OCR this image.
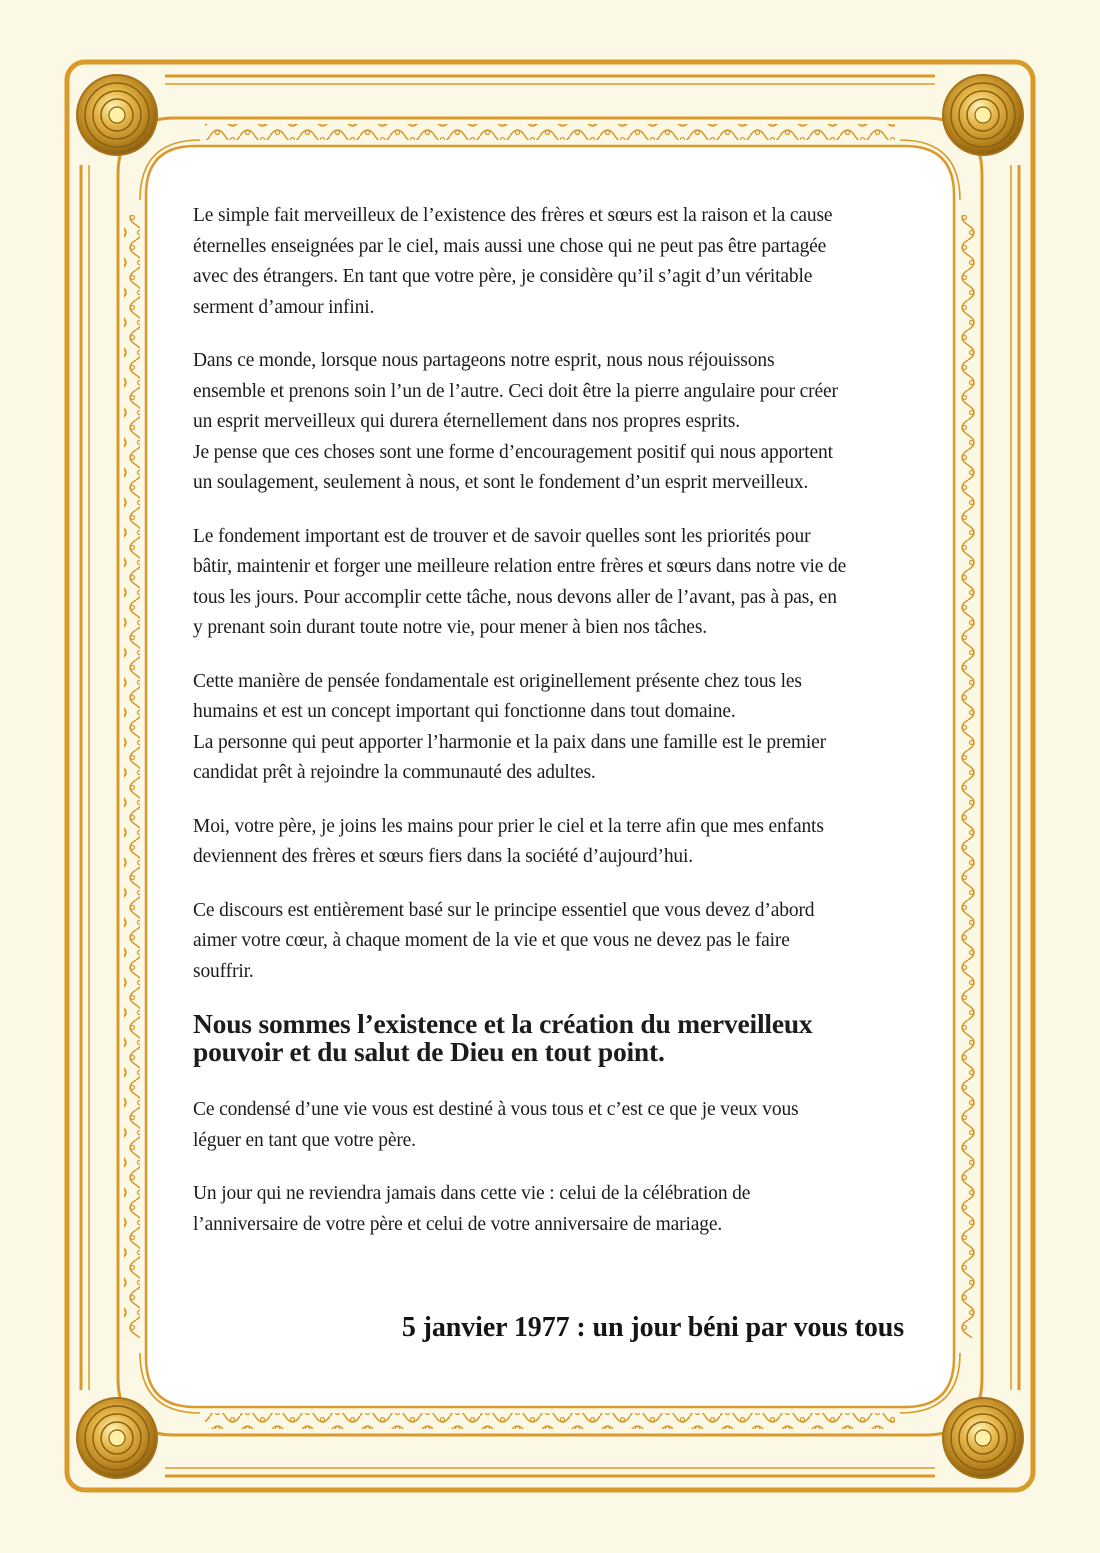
Le simple fait merveilleux de l’existence des frères et sœurs est la raison et la cause
éternelles enseignées par le ciel, mais aussi une chose qui ne peut pas être partagée
avec des étrangers. En tant que votre père, je considère qu’il s’agit d’un véritable
serment d’amour infini.

Dans ce monde, lorsque nous partageons notre esprit, nous nous réjouissons
ensemble et prenons soin l’un de l’autre. Ceci doit être la pierre angulaire pour créer
un esprit merveilleux qui durera éternellement dans nos propres esprits.
Je pense que ces choses sont une forme d’encouragement positif qui nous apportent
un soulagement, seulement à nous, et sont le fondement d’un esprit merveilleux.

Le fondement important est de trouver et de savoir quelles sont les priorités pour
bâtir, maintenir et forger une meilleure relation entre frères et sœurs dans notre vie de
tous les jours. Pour accomplir cette tâche, nous devons aller de l’avant, pas à pas, en
y prenant soin durant toute notre vie, pour mener à bien nos tâches.

Cette manière de pensée fondamentale est originellement présente chez tous les
humains et est un concept important qui fonctionne dans tout domaine.
La personne qui peut apporter l’harmonie et la paix dans une famille est le premier
candidat prêt à rejoindre la communauté des adultes.

Moi, votre père, je joins les mains pour prier le ciel et la terre afin que mes enfants
deviennent des frères et sœurs fiers dans la société d’aujourd’hui.

Ce discours est entièrement basé sur le principe essentiel que vous devez d’abord
aimer votre cœur, à chaque moment de la vie et que vous ne devez pas le faire
souffrir.

Nous sommes l’existence et la création du merveilleux
pouvoir et du salut de Dieu en tout point.

Ce condensé d’une vie vous est destiné à vous tous et c’est ce que je veux vous
léguer en tant que votre père.

Un jour qui ne reviendra jamais dans cette vie : celui de la célébration de
l’anniversaire de votre père et celui de votre anniversaire de mariage.

5 janvier 1977 : un jour béni par vous tous
